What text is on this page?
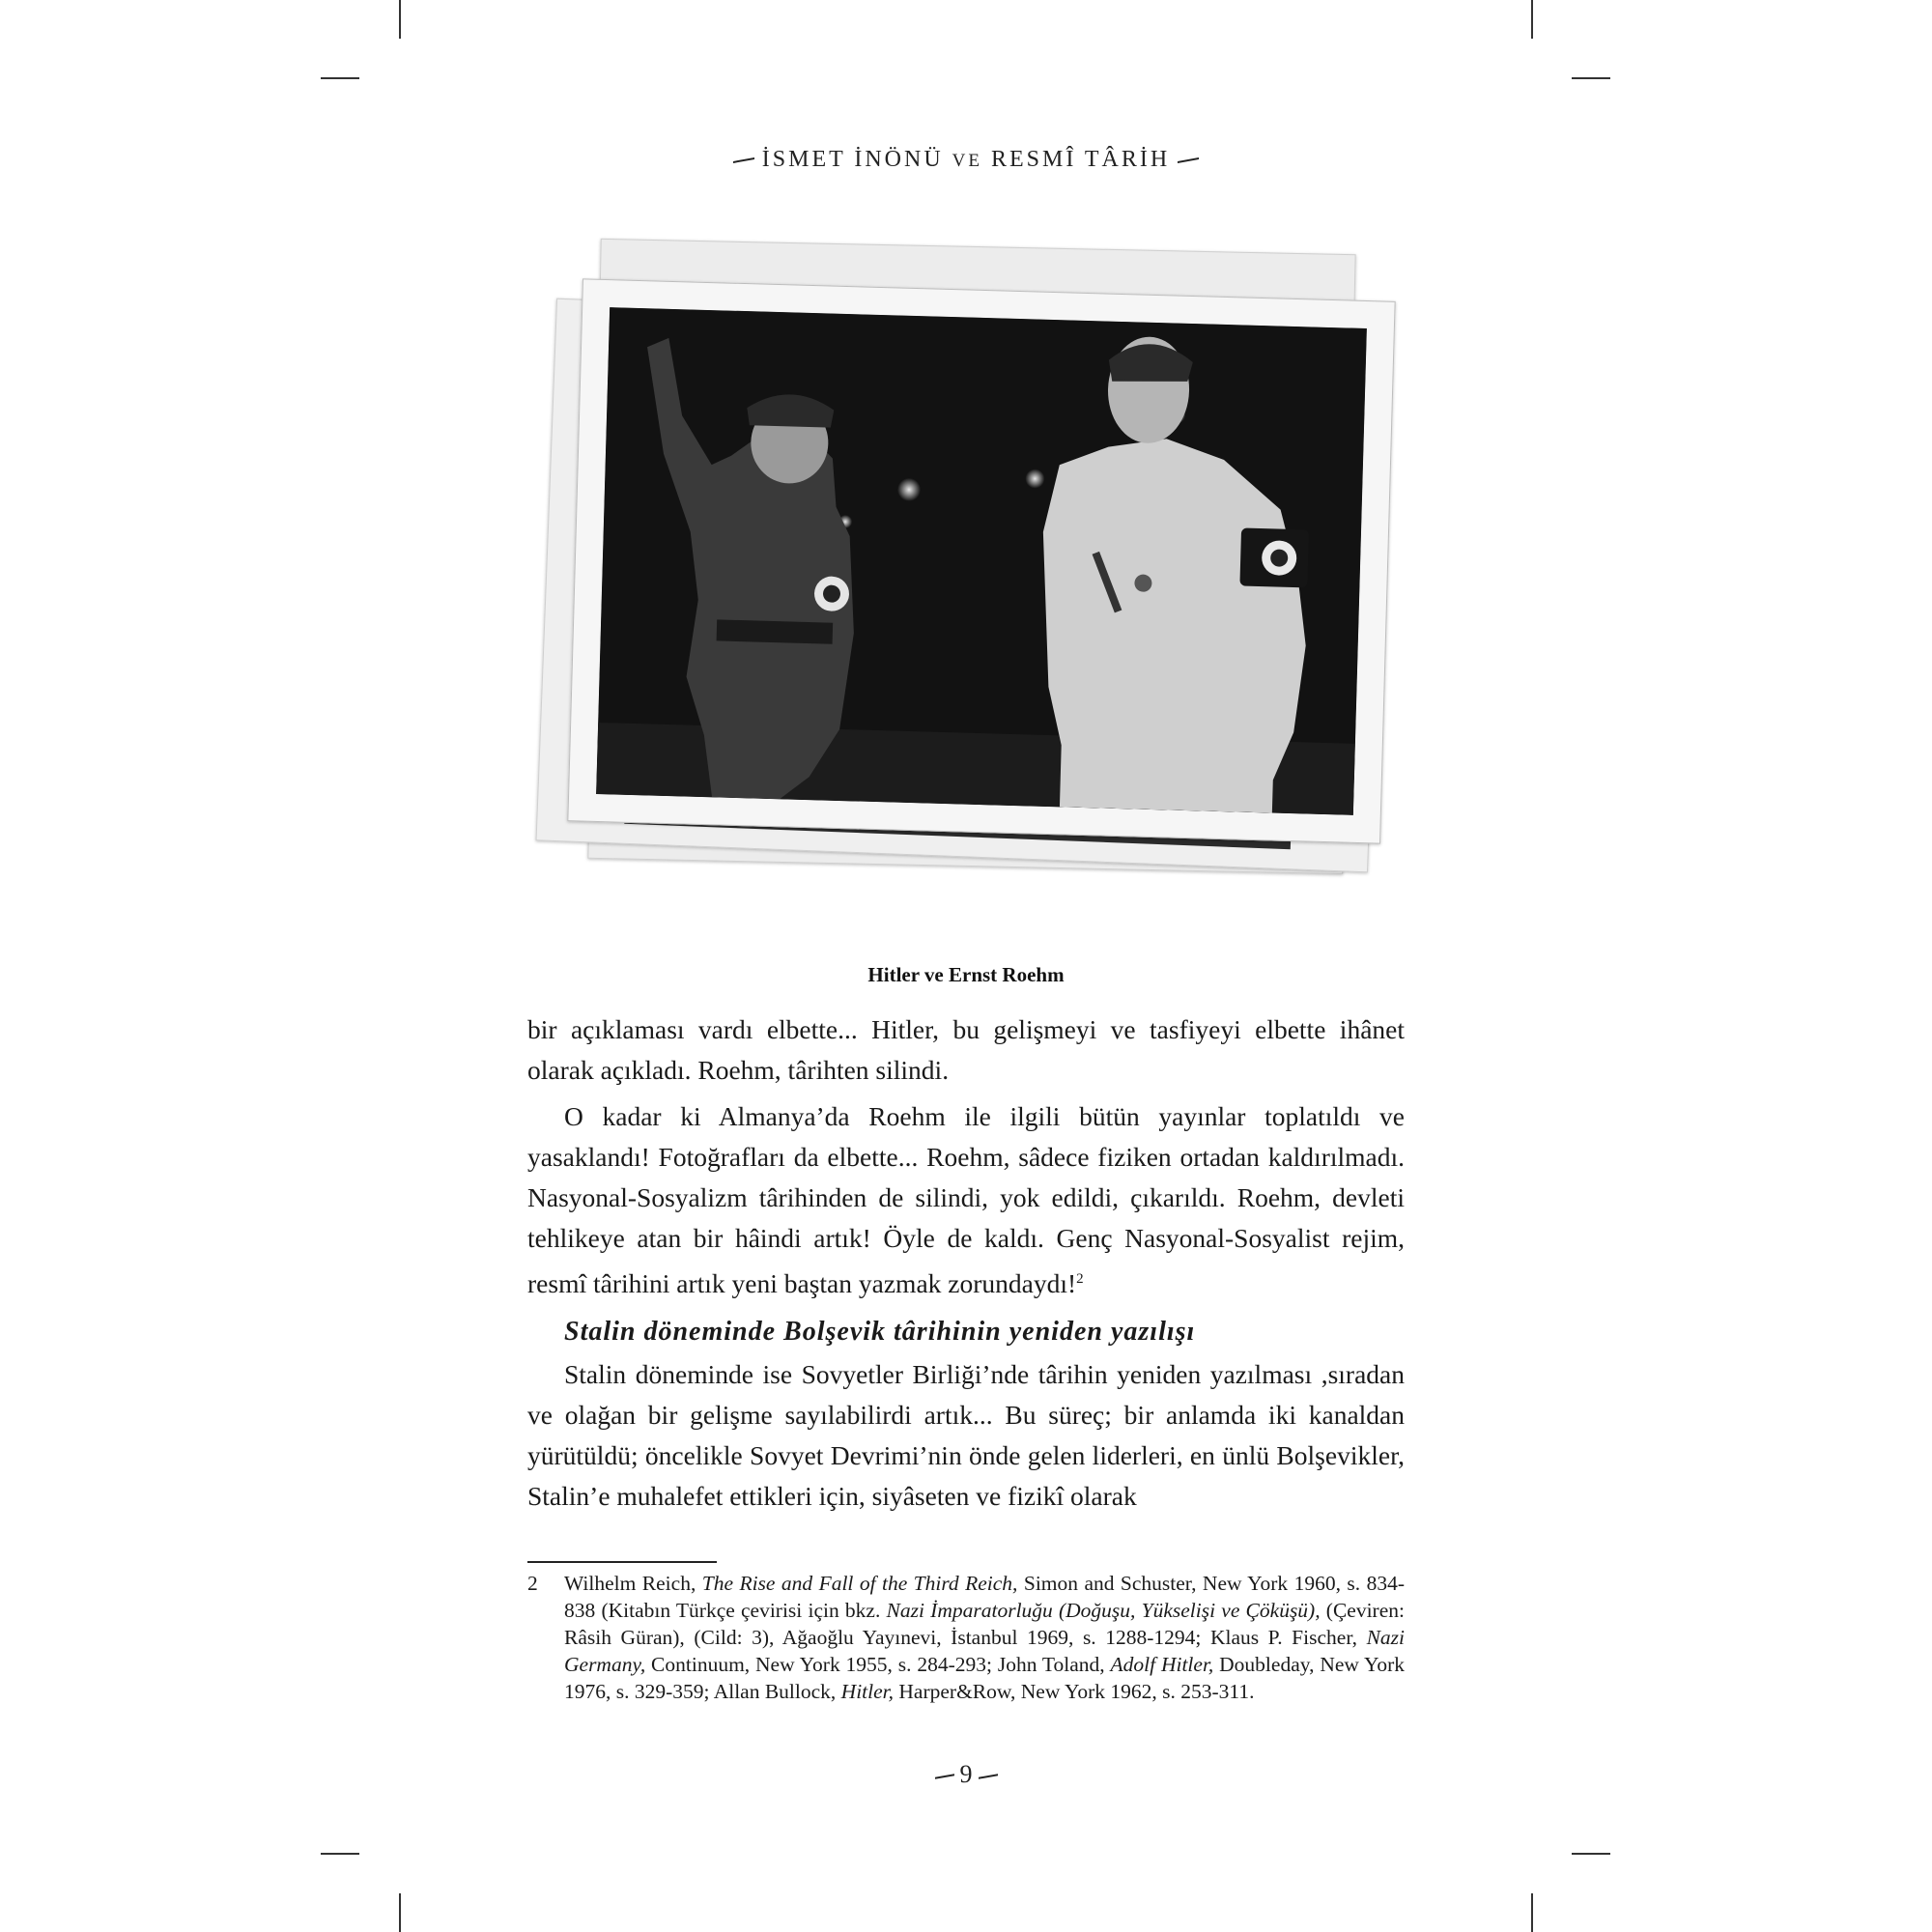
İSMET İNÖNÜ VE RESMÎ TÂRİH
Hitler ve Ernst Roehm

bir açıklaması vardı elbette... Hitler, bu gelişmeyi ve tasfiyeyi elbette ihânet olarak açıkladı. Roehm, târihten silindi.

O kadar ki Almanya’da Roehm ile ilgili bütün yayınlar toplatıldı ve yasaklandı! Fotoğrafları da elbette... Roehm, sâdece fiziken ortadan kaldırılmadı. Nasyonal-Sosyalizm târihinden de silindi, yok edildi, çıkarıldı. Roehm, devleti tehlikeye atan bir hâindi artık! Öyle de kaldı. Genç Nasyonal-Sosyalist rejim, resmî târihini artık yeni baştan yazmak zorundaydı!$^2$

Stalin döneminde Bolşevik târihinin yeniden yazılışı

Stalin döneminde ise Sovyetler Birliği’nde târihin yeniden yazılması ,sıradan ve olağan bir gelişme sayılabilirdi artık... Bu süreç; bir anlamda iki kanaldan yürütüldü; öncelikle Sovyet Devrimi’nin önde gelen liderleri, en ünlü Bolşevikler, Stalin’e muhalefet ettikleri için, siyâseten ve fizikî olarak

2 Wilhelm Reich, The Rise and Fall of the Third Reich, Simon and Schuster, New York 1960, s. 834-838 (Kitabın Türkçe çevirisi için bkz. Nazi İmparatorluğu (Doğuşu, Yükselişi ve Çöküşü), (Çeviren: Râsih Güran), (Cild: 3), Ağaoğlu Yayınevi, İstanbul 1969, s. 1288-1294; Klaus P. Fischer, Nazi Germany, Continuum, New York 1955, s. 284-293; John Toland, Adolf Hitler, Doubleday, New York 1976, s. 329-359; Allan Bullock, Hitler, Harper&Row, New York 1962, s. 253-311.
9
